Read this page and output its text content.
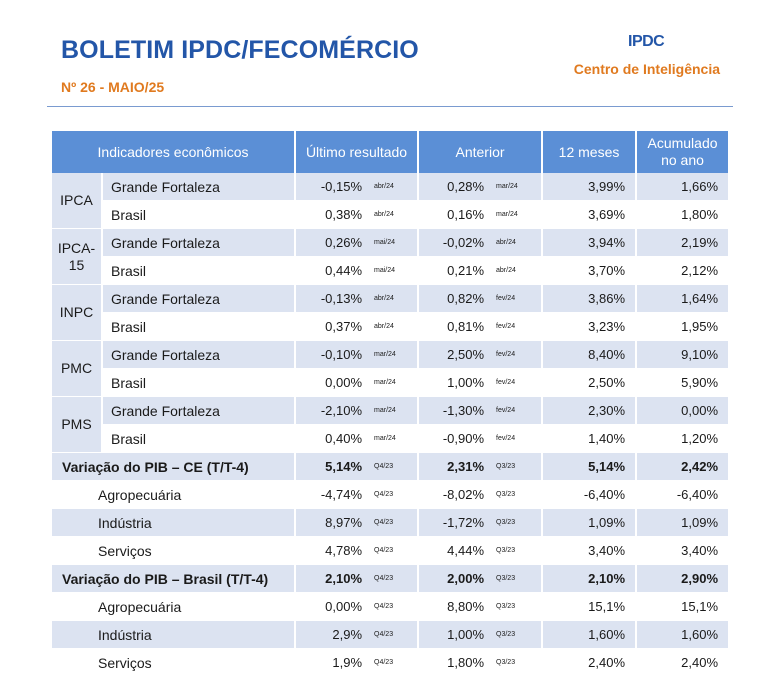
BOLETIM IPDC/FECOMÉRCIO
Nº 26 - MAIO/25
IPDC
Centro de Inteligência
Indicadores econômicos		Último resultado		Anterior		12 meses	Acumulado no ano
IPCA	Grande Fortaleza	-0,15%	abr/24	0,28%	mar/24	3,99%	1,66%
	Brasil	0,38%	abr/24	0,16%	mar/24	3,69%	1,80%
IPCA-15	Grande Fortaleza	0,26%	mai/24	-0,02%	abr/24	3,94%	2,19%
	Brasil	0,44%	mai/24	0,21%	abr/24	3,70%	2,12%
INPC	Grande Fortaleza	-0,13%	abr/24	0,82%	fev/24	3,86%	1,64%
	Brasil	0,37%	abr/24	0,81%	fev/24	3,23%	1,95%
PMC	Grande Fortaleza	-0,10%	mar/24	2,50%	fev/24	8,40%	9,10%
	Brasil	0,00%	mar/24	1,00%	fev/24	2,50%	5,90%
PMS	Grande Fortaleza	-2,10%	mar/24	-1,30%	fev/24	2,30%	0,00%
	Brasil	0,40%	mar/24	-0,90%	fev/24	1,40%	1,20%
Variação do PIB – CE (T/T-4)		5,14%	Q4/23	2,31%	Q3/23	5,14%	2,42%
Agropecuária		-4,74%	Q4/23	-8,02%	Q3/23	-6,40%	-6,40%
Indústria		8,97%	Q4/23	-1,72%	Q3/23	1,09%	1,09%
Serviços		4,78%	Q4/23	4,44%	Q3/23	3,40%	3,40%
Variação do PIB – Brasil (T/T-4)		2,10%	Q4/23	2,00%	Q3/23	2,10%	2,90%
Agropecuária		0,00%	Q4/23	8,80%	Q3/23	15,1%	15,1%
Indústria		2,9%	Q4/23	1,00%	Q3/23	1,60%	1,60%
Serviços		1,9%	Q4/23	1,80%	Q3/23	2,40%	2,40%
